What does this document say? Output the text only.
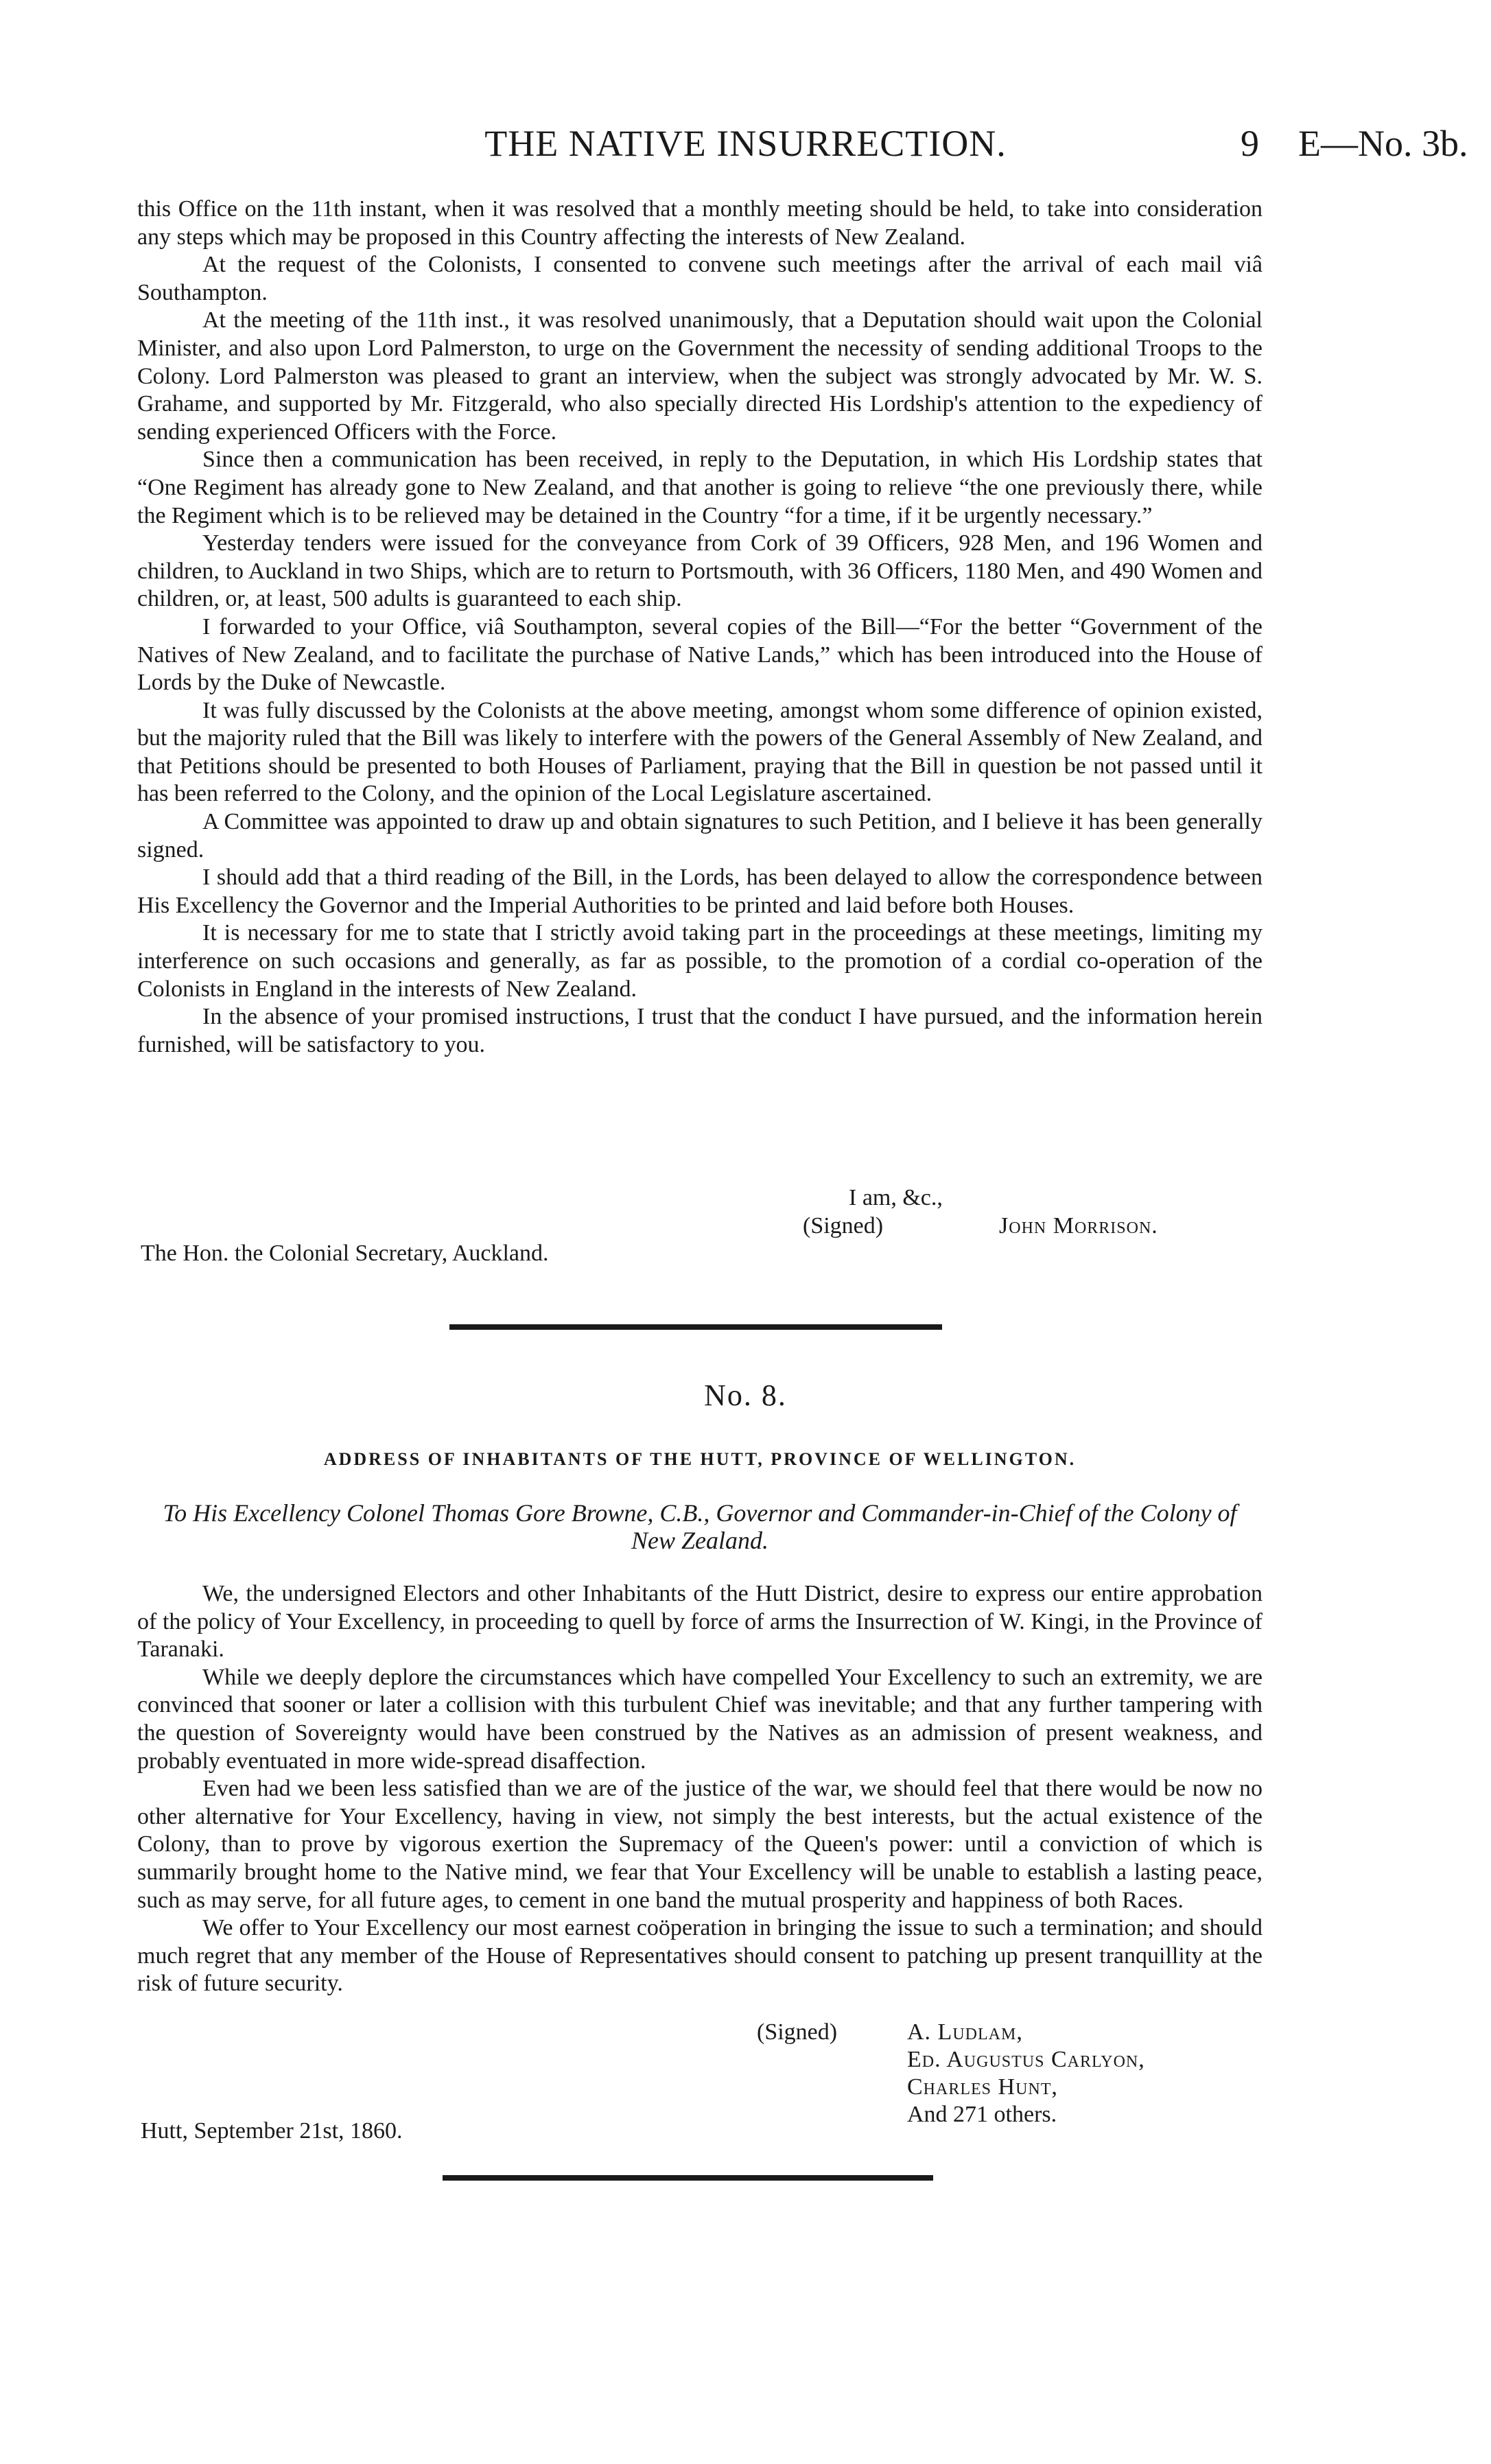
THE NATIVE INSURRECTION.	9 E—No. 3b.

this Office on the 11th instant, when it was resolved that a monthly meeting should be held, to take into consideration any steps which may be proposed in this Country affecting the interests of New Zealand.

At the request of the Colonists, I consented to convene such meetings after the arrival of each mail viâ Southampton.

At the meeting of the 11th inst., it was resolved unanimously, that a Deputation should wait upon the Colonial Minister, and also upon Lord Palmerston, to urge on the Government the necessity of sending additional Troops to the Colony. Lord Palmerston was pleased to grant an interview, when the subject was strongly advocated by Mr. W. S. Grahame, and supported by Mr. Fitzgerald, who also specially directed His Lordship's attention to the expediency of sending experienced Officers with the Force.

Since then a communication has been received, in reply to the Deputation, in which His Lordship states that “One Regiment has already gone to New Zealand, and that another is going to relieve “the one previously there, while the Regiment which is to be relieved may be detained in the Country “for a time, if it be urgently necessary.”

Yesterday tenders were issued for the conveyance from Cork of 39 Officers, 928 Men, and 196 Women and children, to Auckland in two Ships, which are to return to Portsmouth, with 36 Officers, 1180 Men, and 490 Women and children, or, at least, 500 adults is guaranteed to each ship.

I forwarded to your Office, viâ Southampton, several copies of the Bill—“For the better “Government of the Natives of New Zealand, and to facilitate the purchase of Native Lands,” which has been introduced into the House of Lords by the Duke of Newcastle.

It was fully discussed by the Colonists at the above meeting, amongst whom some difference of opinion existed, but the majority ruled that the Bill was likely to interfere with the powers of the General Assembly of New Zealand, and that Petitions should be presented to both Houses of Parliament, praying that the Bill in question be not passed until it has been referred to the Colony, and the opinion of the Local Legislature ascertained.

A Committee was appointed to draw up and obtain signatures to such Petition, and I believe it has been generally signed.

I should add that a third reading of the Bill, in the Lords, has been delayed to allow the correspondence between His Excellency the Governor and the Imperial Authorities to be printed and laid before both Houses.

It is necessary for me to state that I strictly avoid taking part in the proceedings at these meetings, limiting my interference on such occasions and generally, as far as possible, to the promotion of a cordial co-operation of the Colonists in England in the interests of New Zealand.

In the absence of your promised instructions, I trust that the conduct I have pursued, and the information herein furnished, will be satisfactory to you.

I am, &c.,
(Signed)	John Morrison.
The Hon. the Colonial Secretary, Auckland.
No. 8.
ADDRESS OF INHABITANTS OF THE HUTT, PROVINCE OF WELLINGTON.
To His Excellency Colonel Thomas Gore Browne, C.B., Governor and Commander-in-Chief of the Colony of New Zealand.

We, the undersigned Electors and other Inhabitants of the Hutt District, desire to express our entire approbation of the policy of Your Excellency, in proceeding to quell by force of arms the Insurrection of W. Kingi, in the Province of Taranaki.

While we deeply deplore the circumstances which have compelled Your Excellency to such an extremity, we are convinced that sooner or later a collision with this turbulent Chief was inevitable; and that any further tampering with the question of Sovereignty would have been construed by the Natives as an admission of present weakness, and probably eventuated in more wide-spread disaffection.

Even had we been less satisfied than we are of the justice of the war, we should feel that there would be now no other alternative for Your Excellency, having in view, not simply the best interests, but the actual existence of the Colony, than to prove by vigorous exertion the Supremacy of the Queen's power: until a conviction of which is summarily brought home to the Native mind, we fear that Your Excellency will be unable to establish a lasting peace, such as may serve, for all future ages, to cement in one band the mutual prosperity and happiness of both Races.

We offer to Your Excellency our most earnest coöperation in bringing the issue to such a termination; and should much regret that any member of the House of Representatives should consent to patching up present tranquillity at the risk of future security.

(Signed)	A. Ludlam,
Ed. Augustus Carlyon,
Charles Hunt,
And 271 others.
Hutt, September 21st, 1860.
